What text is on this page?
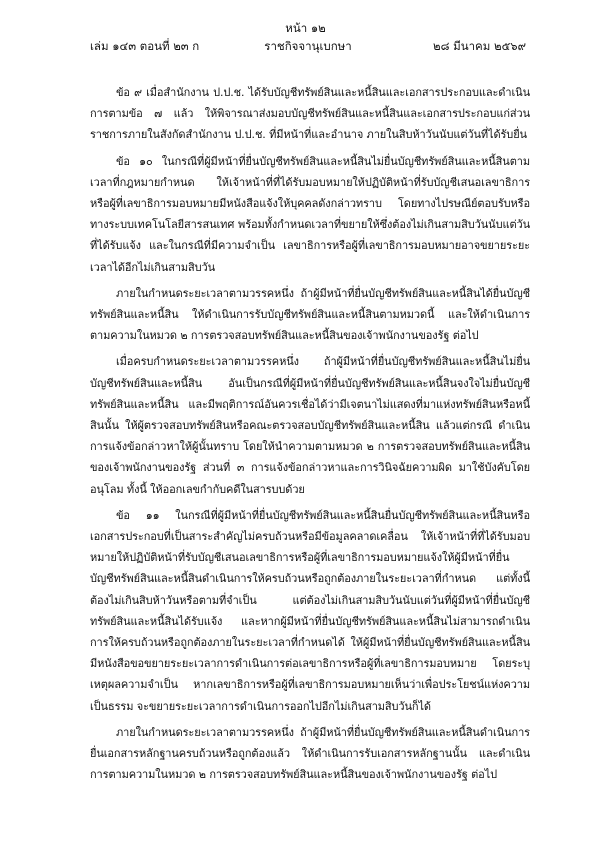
หน้า ๑๒
เล่ม ๑๔๓ ตอนที่ ๒๓ ก	ราชกิจจานุเบกษา	๒๘ มีนาคม ๒๕๖๙

ข้อ ๙ เมื่อสำนักงาน ป.ป.ช. ได้รับบัญชีทรัพย์สินและหนี้สินและเอกสารประกอบและดำเนินการตามข้อ ๗ แล้ว ให้พิจารณาส่งมอบบัญชีทรัพย์สินและหนี้สินและเอกสารประกอบแก่ส่วนราชการภายในสังกัดสำนักงาน ป.ป.ช. ที่มีหน้าที่และอำนาจ ภายในสิบห้าวันนับแต่วันที่ได้รับยื่น

ข้อ ๑๐ ในกรณีที่ผู้มีหน้าที่ยื่นบัญชีทรัพย์สินและหนี้สินไม่ยื่นบัญชีทรัพย์สินและหนี้สินตามเวลาที่กฎหมายกำหนด ให้เจ้าหน้าที่ที่ได้รับมอบหมายให้ปฏิบัติหน้าที่รับบัญชีเสนอเลขาธิการหรือผู้ที่เลขาธิการมอบหมายมีหนังสือแจ้งให้บุคคลดังกล่าวทราบ โดยทางไปรษณีย์ตอบรับหรือทางระบบเทคโนโลยีสารสนเทศ พร้อมทั้งกำหนดเวลาที่ขยายให้ซึ่งต้องไม่เกินสามสิบวันนับแต่วันที่ได้รับแจ้ง และในกรณีที่มีความจำเป็น เลขาธิการหรือผู้ที่เลขาธิการมอบหมายอาจขยายระยะเวลาได้อีกไม่เกินสามสิบวัน

ภายในกำหนดระยะเวลาตามวรรคหนึ่ง ถ้าผู้มีหน้าที่ยื่นบัญชีทรัพย์สินและหนี้สินได้ยื่นบัญชีทรัพย์สินและหนี้สิน ให้ดำเนินการรับบัญชีทรัพย์สินและหนี้สินตามหมวดนี้ และให้ดำเนินการตามความในหมวด ๒ การตรวจสอบทรัพย์สินและหนี้สินของเจ้าพนักงานของรัฐ ต่อไป

เมื่อครบกำหนดระยะเวลาตามวรรคหนึ่ง ถ้าผู้มีหน้าที่ยื่นบัญชีทรัพย์สินและหนี้สินไม่ยื่นบัญชีทรัพย์สินและหนี้สิน อันเป็นกรณีที่ผู้มีหน้าที่ยื่นบัญชีทรัพย์สินและหนี้สินจงใจไม่ยื่นบัญชีทรัพย์สินและหนี้สิน และมีพฤติการณ์อันควรเชื่อได้ว่ามีเจตนาไม่แสดงที่มาแห่งทรัพย์สินหรือหนี้สินนั้น ให้ผู้ตรวจสอบทรัพย์สินหรือคณะตรวจสอบบัญชีทรัพย์สินและหนี้สิน แล้วแต่กรณี ดำเนินการแจ้งข้อกล่าวหาให้ผู้นั้นทราบ โดยให้นำความตามหมวด ๒ การตรวจสอบทรัพย์สินและหนี้สินของเจ้าพนักงานของรัฐ ส่วนที่ ๓ การแจ้งข้อกล่าวหาและการวินิจฉัยความผิด มาใช้บังคับโดยอนุโลม ทั้งนี้ ให้ออกเลขกำกับคดีในสารบบด้วย

ข้อ ๑๑ ในกรณีที่ผู้มีหน้าที่ยื่นบัญชีทรัพย์สินและหนี้สินยื่นบัญชีทรัพย์สินและหนี้สินหรือเอกสารประกอบที่เป็นสาระสำคัญไม่ครบถ้วนหรือมีข้อมูลคลาดเคลื่อน ให้เจ้าหน้าที่ที่ได้รับมอบหมายให้ปฏิบัติหน้าที่รับบัญชีเสนอเลขาธิการหรือผู้ที่เลขาธิการมอบหมายแจ้งให้ผู้มีหน้าที่ยื่นบัญชีทรัพย์สินและหนี้สินดำเนินการให้ครบถ้วนหรือถูกต้องภายในระยะเวลาที่กำหนด แต่ทั้งนี้ ต้องไม่เกินสิบห้าวันหรือตามที่จำเป็น แต่ต้องไม่เกินสามสิบวันนับแต่วันที่ผู้มีหน้าที่ยื่นบัญชีทรัพย์สินและหนี้สินได้รับแจ้ง และหากผู้มีหน้าที่ยื่นบัญชีทรัพย์สินและหนี้สินไม่สามารถดำเนินการให้ครบถ้วนหรือถูกต้องภายในระยะเวลาที่กำหนดได้ ให้ผู้มีหน้าที่ยื่นบัญชีทรัพย์สินและหนี้สินมีหนังสือขอขยายระยะเวลาการดำเนินการต่อเลขาธิการหรือผู้ที่เลขาธิการมอบหมาย โดยระบุเหตุผลความจำเป็น หากเลขาธิการหรือผู้ที่เลขาธิการมอบหมายเห็นว่าเพื่อประโยชน์แห่งความเป็นธรรม จะขยายระยะเวลาการดำเนินการออกไปอีกไม่เกินสามสิบวันก็ได้

ภายในกำหนดระยะเวลาตามวรรคหนึ่ง ถ้าผู้มีหน้าที่ยื่นบัญชีทรัพย์สินและหนี้สินดำเนินการยื่นเอกสารหลักฐานครบถ้วนหรือถูกต้องแล้ว ให้ดำเนินการรับเอกสารหลักฐานนั้น และดำเนินการตามความในหมวด ๒ การตรวจสอบทรัพย์สินและหนี้สินของเจ้าพนักงานของรัฐ ต่อไป
